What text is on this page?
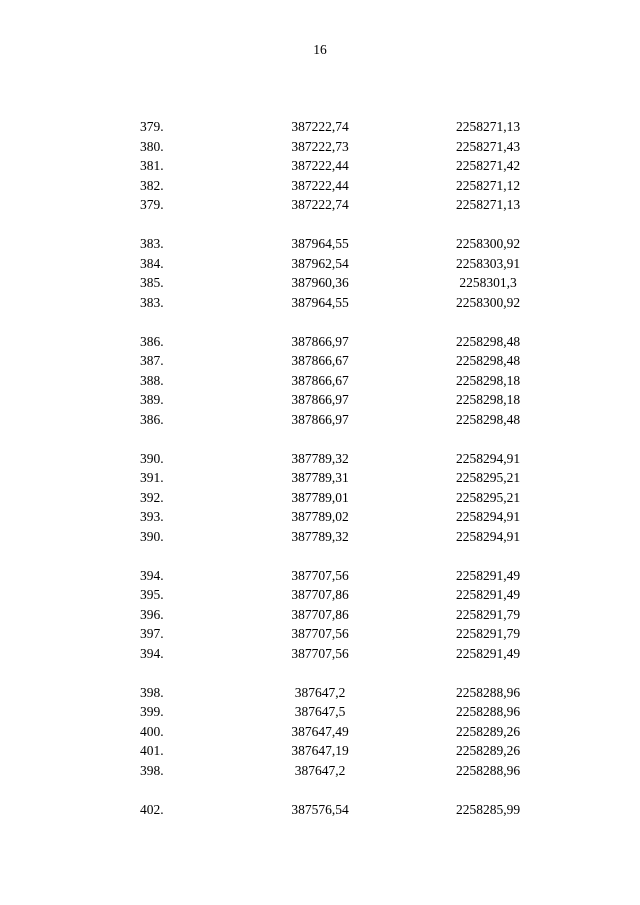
16
379.	387222,74	2258271,13
380.	387222,73	2258271,43
381.	387222,44	2258271,42
382.	387222,44	2258271,12
379.	387222,74	2258271,13
383.	387964,55	2258300,92
384.	387962,54	2258303,91
385.	387960,36	2258301,3
383.	387964,55	2258300,92
386.	387866,97	2258298,48
387.	387866,67	2258298,48
388.	387866,67	2258298,18
389.	387866,97	2258298,18
386.	387866,97	2258298,48
390.	387789,32	2258294,91
391.	387789,31	2258295,21
392.	387789,01	2258295,21
393.	387789,02	2258294,91
390.	387789,32	2258294,91
394.	387707,56	2258291,49
395.	387707,86	2258291,49
396.	387707,86	2258291,79
397.	387707,56	2258291,79
394.	387707,56	2258291,49
398.	387647,2	2258288,96
399.	387647,5	2258288,96
400.	387647,49	2258289,26
401.	387647,19	2258289,26
398.	387647,2	2258288,96
402.	387576,54	2258285,99
